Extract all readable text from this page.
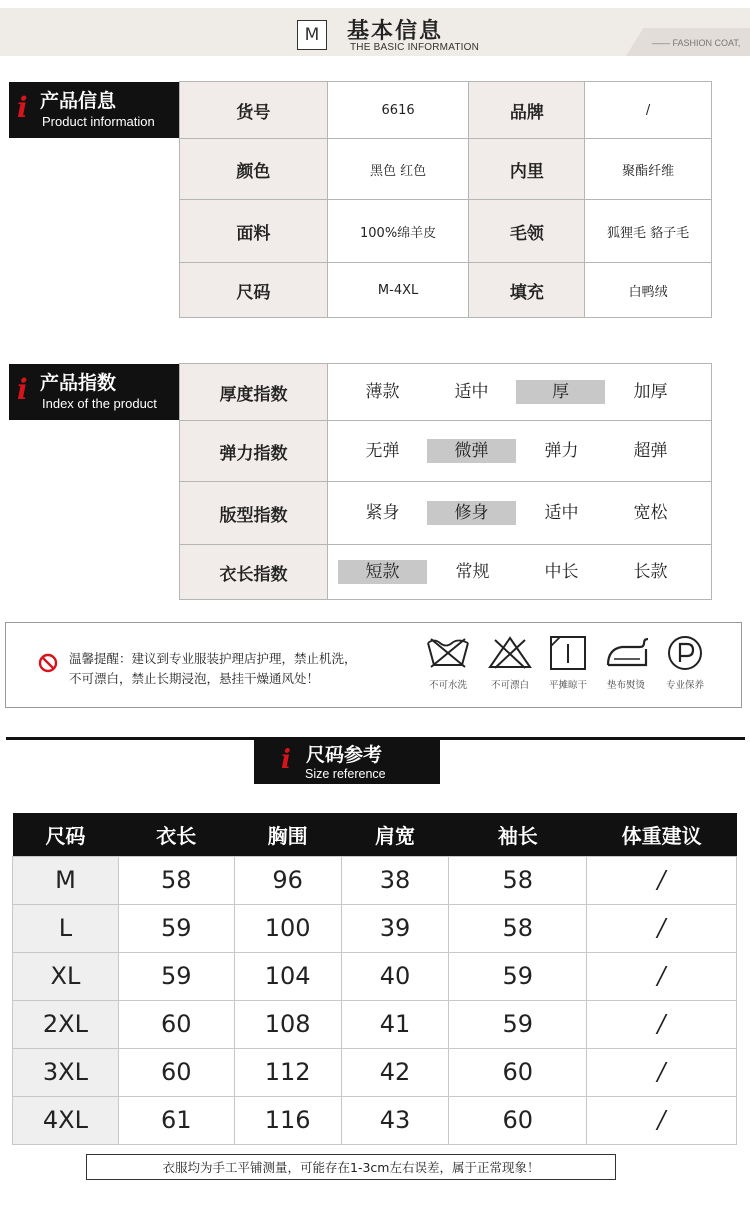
M	基本信息
THE BASIC INFORMATION	—— FASHION COAT,
i 产品信息
Product information	货号	6616	品牌	/
颜色	黑色 红色	内里	聚酯纤维
面料	100%绵羊皮	毛领	狐狸毛 貉子毛
尺码	M-4XL	填充	白鸭绒
i 产品指数
Index of the product	厚度指数	薄款 适中 厚 加厚

弹力指数	无弹 微弹 弹力 超弹

版型指数	紧身 修身 适中 宽松

衣长指数	短款 常规 中长 长款
温馨提醒：建议到专业服装护理店护理，禁止机洗，
不可漂白，禁止长期浸泡，悬挂干燥通风处！	不可水洗	不可漂白	平摊晾干	垫布熨烫	专业保养
i 尺码参考
Size reference
尺码	衣长	胸围	肩宽	袖长	体重建议
M	58	96	38	58	/
L	59	100	39	58	/
XL	59	104	40	59	/
2XL	60	108	41	59	/
3XL	60	112	42	60	/
4XL	61	116	43	60	/
衣服均为手工平铺测量，可能存在1-3cm左右误差，属于正常现象！
